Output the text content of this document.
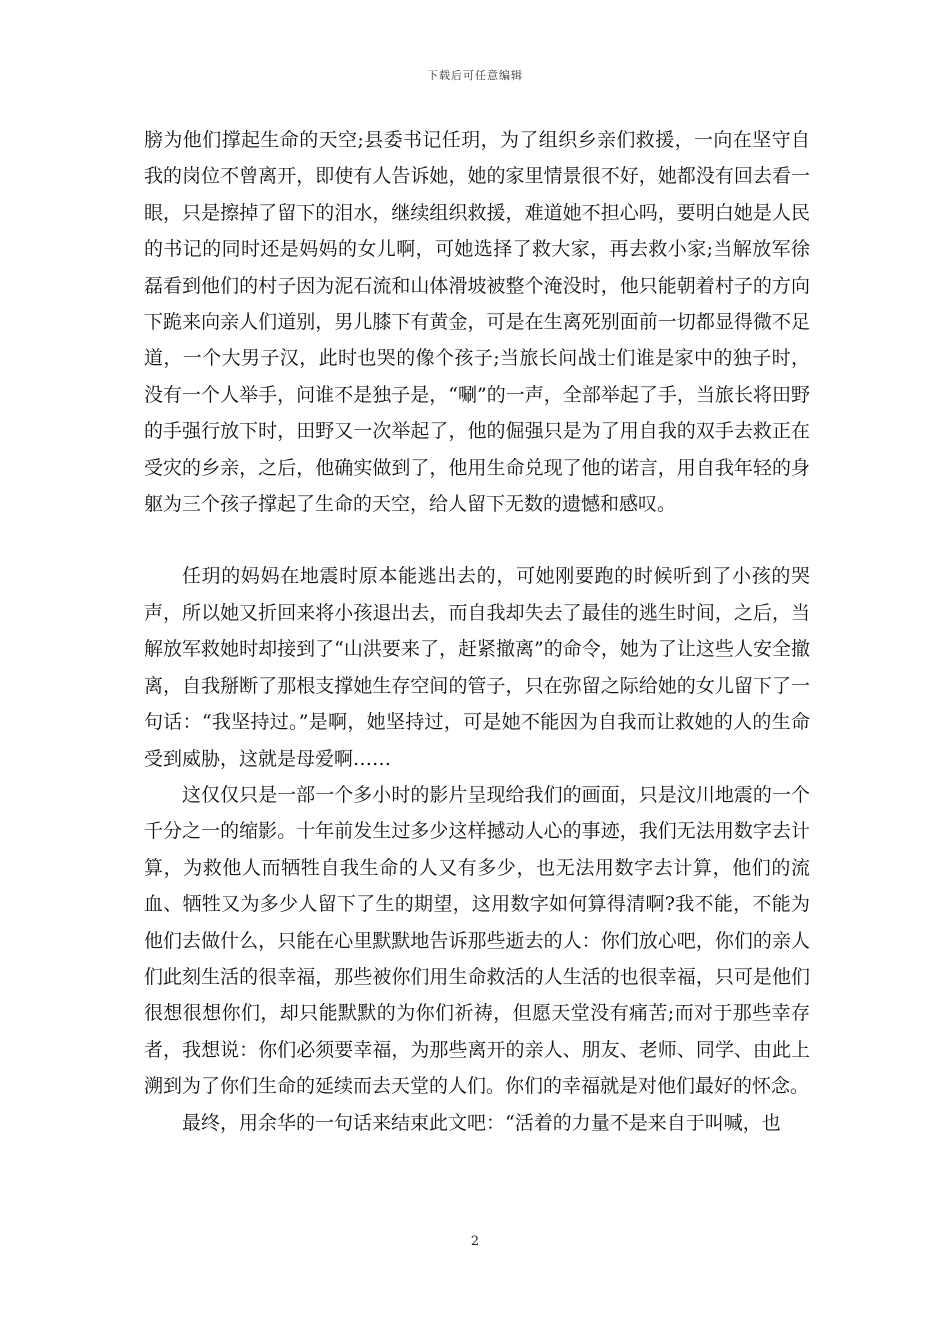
下载后可任意编辑

膀为他们撑起生命的天空;县委书记任玥，为了组织乡亲们救援，一向在坚守自我的岗位不曾离开，即使有人告诉她，她的家里情景很不好，她都没有回去看一眼，只是擦掉了留下的泪水，继续组织救援，难道她不担心吗，要明白她是人民的书记的同时还是妈妈的女儿啊，可她选择了救大家，再去救小家;当解放军徐磊看到他们的村子因为泥石流和山体滑坡被整个淹没时，他只能朝着村子的方向下跪来向亲人们道别，男儿膝下有黄金，可是在生离死别面前一切都显得微不足道，一个大男子汉，此时也哭的像个孩子;当旅长问战士们谁是家中的独子时，没有一个人举手，问谁不是独子是，“唰”的一声，全部举起了手，当旅长将田野的手强行放下时，田野又一次举起了，他的倔强只是为了用自我的双手去救正在受灾的乡亲，之后，他确实做到了，他用生命兑现了他的诺言，用自我年轻的身躯为三个孩子撑起了生命的天空，给人留下无数的遗憾和感叹。

任玥的妈妈在地震时原本能逃出去的，可她刚要跑的时候听到了小孩的哭声，所以她又折回来将小孩退出去，而自我却失去了最佳的逃生时间，之后，当解放军救她时却接到了“山洪要来了，赶紧撤离”的命令，她为了让这些人安全撤离，自我掰断了那根支撑她生存空间的管子，只在弥留之际给她的女儿留下了一句话：“我坚持过。”是啊，她坚持过，可是她不能因为自我而让救她的人的生命受到威胁，这就是母爱啊……

这仅仅只是一部一个多小时的影片呈现给我们的画面，只是汶川地震的一个千分之一的缩影。十年前发生过多少这样撼动人心的事迹，我们无法用数字去计算，为救他人而牺牲自我生命的人又有多少，也无法用数字去计算，他们的流血、牺牲又为多少人留下了生的期望，这用数字如何算得清啊?我不能，不能为他们去做什么，只能在心里默默地告诉那些逝去的人：你们放心吧，你们的亲人们此刻生活的很幸福，那些被你们用生命救活的人生活的也很幸福，只可是他们很想很想你们，却只能默默的为你们祈祷，但愿天堂没有痛苦;而对于那些幸存者，我想说：你们必须要幸福，为那些离开的亲人、朋友、老师、同学、由此上溯到为了你们生命的延续而去天堂的人们。你们的幸福就是对他们最好的怀念。

最终，用余华的一句话来结束此文吧：“活着的力量不是来自于叫喊，也

2
